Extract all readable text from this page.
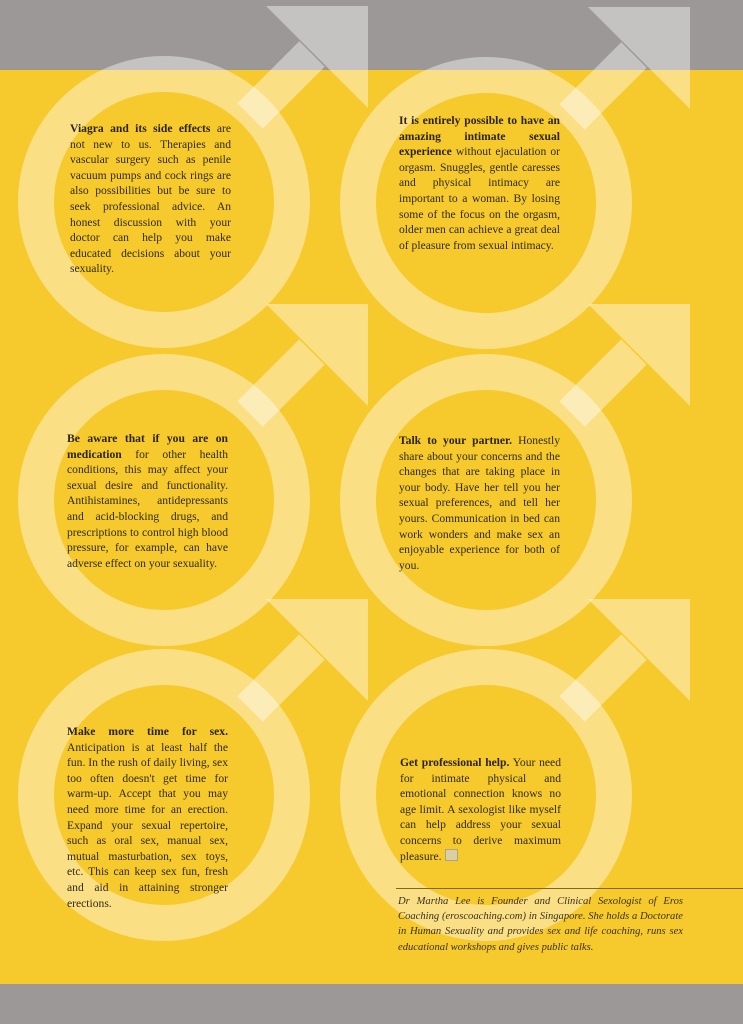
Viagra and its side effects are not new to us. Therapies and vascular surgery such as penile vacuum pumps and cock rings are also possibilities but be sure to seek professional advice. An honest discussion with your doctor can help you make educated decisions about your sexuality.

It is entirely possible to have an amazing intimate sexual experience without ejaculation or orgasm. Snuggles, gentle caresses and physical intimacy are important to a woman. By losing some of the focus on the orgasm, older men can achieve a great deal of pleasure from sexual intimacy.

Be aware that if you are on medication for other health conditions, this may affect your sexual desire and functionality. Antihistamines, antidepressants and acid-blocking drugs, and prescriptions to control high blood pressure, for example, can have adverse effect on your sexuality.

Talk to your partner. Honestly share about your concerns and the changes that are taking place in your body. Have her tell you her sexual preferences, and tell her yours. Communication in bed can work wonders and make sex an enjoyable experience for both of you.

Make more time for sex. Anticipation is at least half the fun. In the rush of daily living, sex too often doesn't get time for warm-up. Accept that you may need more time for an erection. Expand your sexual repertoire, such as oral sex, manual sex, mutual masturbation, sex toys, etc. This can keep sex fun, fresh and aid in attaining stronger erections.

Get professional help. Your need for intimate physical and emotional connection knows no age limit. A sexologist like myself can help address your sexual concerns to derive maximum pleasure.

Dr Martha Lee is Founder and Clinical Sexologist of Eros Coaching (eroscoaching.com) in Singapore. She holds a Doctorate in Human Sexuality and provides sex and life coaching, runs sex educational workshops and gives public talks.
